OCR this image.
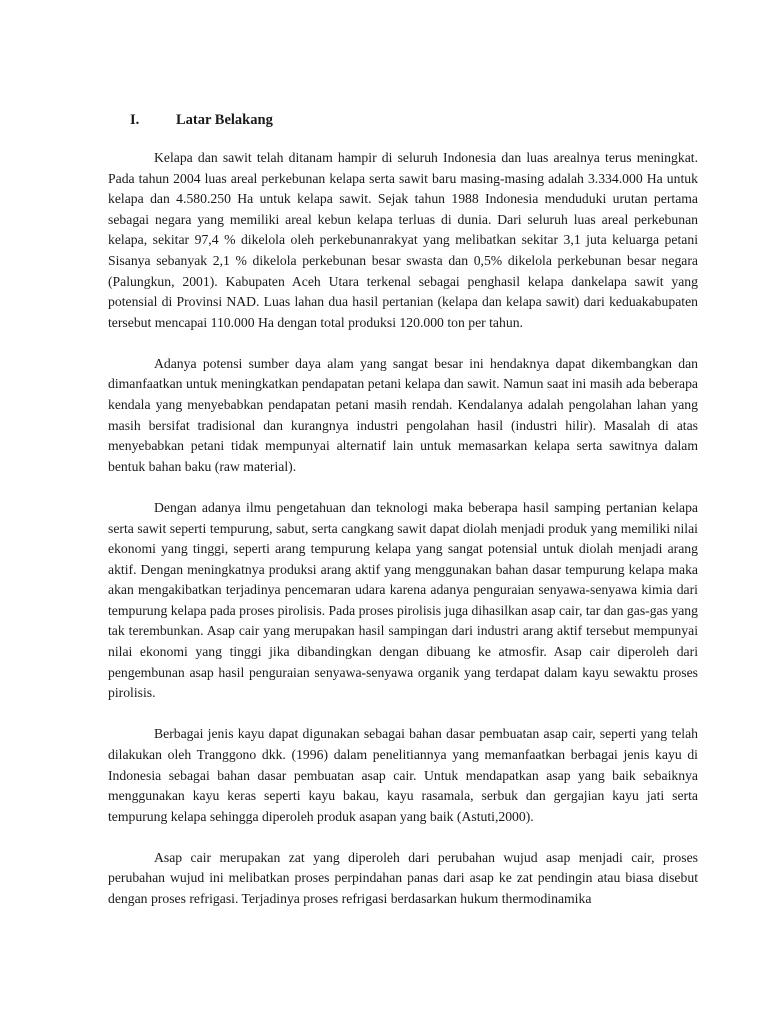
I.	Latar Belakang

Kelapa dan sawit telah ditanam hampir di seluruh Indonesia dan luas arealnya terus meningkat. Pada tahun 2004 luas areal perkebunan kelapa serta sawit baru masing-masing adalah 3.334.000 Ha untuk kelapa dan 4.580.250 Ha untuk kelapa sawit. Sejak tahun 1988 Indonesia menduduki urutan pertama sebagai negara yang memiliki areal kebun kelapa terluas di dunia. Dari seluruh luas areal perkebunan kelapa, sekitar 97,4 % dikelola oleh perkebunanrakyat yang melibatkan sekitar 3,1 juta keluarga petani Sisanya sebanyak 2,1 % dikelola perkebunan besar swasta dan 0,5% dikelola perkebunan besar negara (Palungkun, 2001). Kabupaten Aceh Utara terkenal sebagai penghasil kelapa dankelapa sawit yang potensial di Provinsi NAD. Luas lahan dua hasil pertanian (kelapa dan kelapa sawit) dari keduakabupaten tersebut mencapai 110.000 Ha dengan total produksi 120.000 ton per tahun.

Adanya potensi sumber daya alam yang sangat besar ini hendaknya dapat dikembangkan dan dimanfaatkan untuk meningkatkan pendapatan petani kelapa dan sawit. Namun saat ini masih ada beberapa kendala yang menyebabkan pendapatan petani masih rendah. Kendalanya adalah pengolahan lahan yang masih bersifat tradisional dan kurangnya industri pengolahan hasil (industri hilir). Masalah di atas menyebabkan petani tidak mempunyai alternatif lain untuk memasarkan kelapa serta sawitnya dalam bentuk bahan baku (raw material).

Dengan adanya ilmu pengetahuan dan teknologi maka beberapa hasil samping pertanian kelapa serta sawit seperti tempurung, sabut, serta cangkang sawit dapat diolah menjadi produk yang memiliki nilai ekonomi yang tinggi, seperti arang tempurung kelapa yang sangat potensial untuk diolah menjadi arang aktif. Dengan meningkatnya produksi arang aktif yang menggunakan bahan dasar tempurung kelapa maka akan mengakibatkan terjadinya pencemaran udara karena adanya penguraian senyawa-senyawa kimia dari tempurung kelapa pada proses pirolisis. Pada proses pirolisis juga dihasilkan asap cair, tar dan gas-gas yang tak terembunkan. Asap cair yang merupakan hasil sampingan dari industri arang aktif tersebut mempunyai nilai ekonomi yang tinggi jika dibandingkan dengan dibuang ke atmosfir. Asap cair diperoleh dari pengembunan asap hasil penguraian senyawa-senyawa organik yang terdapat dalam kayu sewaktu proses pirolisis.

Berbagai jenis kayu dapat digunakan sebagai bahan dasar pembuatan asap cair, seperti yang telah dilakukan oleh Tranggono dkk. (1996) dalam penelitiannya yang memanfaatkan berbagai jenis kayu di Indonesia sebagai bahan dasar pembuatan asap cair. Untuk mendapatkan asap yang baik sebaiknya menggunakan kayu keras seperti kayu bakau, kayu rasamala, serbuk dan gergajian kayu jati serta tempurung kelapa sehingga diperoleh produk asapan yang baik (Astuti,2000).

Asap cair merupakan zat yang diperoleh dari perubahan wujud asap menjadi cair, proses perubahan wujud ini melibatkan proses perpindahan panas dari asap ke zat pendingin atau biasa disebut dengan proses refrigasi. Terjadinya proses refrigasi berdasarkan hukum thermodinamika
